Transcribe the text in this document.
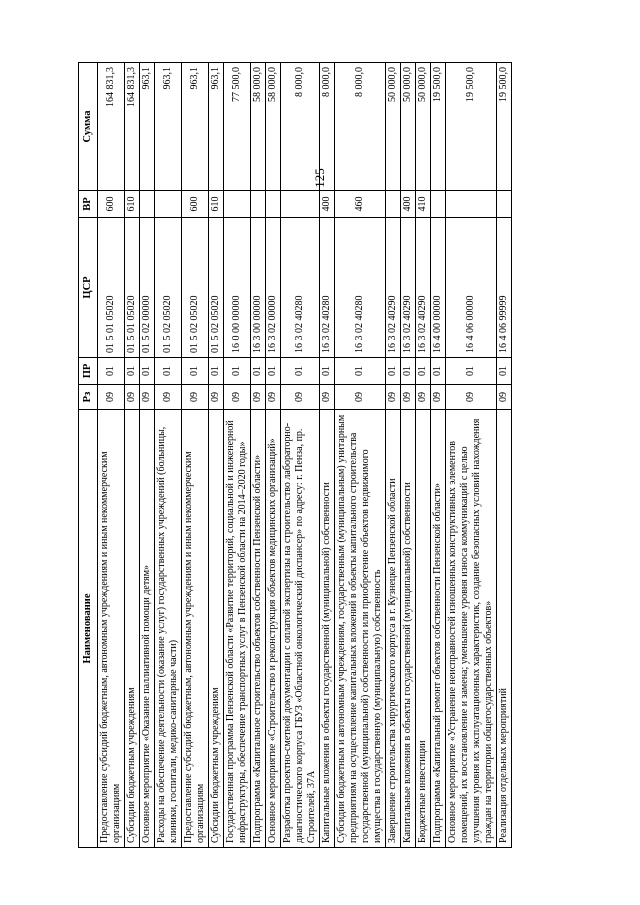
125
Наименование	Рз	ПР	ЦСР	ВР	Сумма
Предоставление субсидий бюджетным, автономным учреждениям и иным некоммерческим организациям	09	01	01 5 01 05020	600	164 831,3
Субсидии бюджетным учреждениям	09	01	01 5 01 05020	610	164 831,3
Основное мероприятие «Оказание паллиативной помощи детям»	09	01	01 5 02 00000		963,1
Расходы на обеспечение деятельности (оказание услуг) государственных учреждений (больницы, клиники, госпитали, медико-санитарные части)	09	01	01 5 02 05020		963,1
Предоставление субсидий бюджетным, автономным учреждениям и иным некоммерческим организациям	09	01	01 5 02 05020	600	963,1
Субсидии бюджетным учреждениям	09	01	01 5 02 05020	610	963,1
Государственная программа Пензенской области «Развитие территорий, социальной и инженерной инфраструктуры, обеспечение транспортных услуг в Пензенской области на 2014–2020 годы»	09	01	16 0 00 00000		77 500,0
Подпрограмма «Капитальное строительство объектов собственности Пензенской области»	09	01	16 3 00 00000		58 000,0
Основное мероприятие «Строительство и реконструкция объектов медицинских организаций»	09	01	16 3 02 00000		58 000,0
Разработка проектно-сметной документации с оплатой экспертизы на строительство лабораторно-диагностического корпуса ГБУЗ «Областной онкологический диспансер» по адресу: г. Пенза, пр. Строителей, 37А	09	01	16 3 02 40280		8 000,0
Капитальные вложения в объекты государственной (муниципальной) собственности	09	01	16 3 02 40280	400	8 000,0
Субсидии бюджетным и автономным учреждениям, государственным (муниципальным) унитарным предприятиям на осуществление капитальных вложений в объекты капитального строительства государственной (муниципальной) собственности или приобретение объектов недвижимого имущества в государственную (муниципальную) собственность	09	01	16 3 02 40280	460	8 000,0
Завершение строительства хирургического корпуса в г. Кузнецке Пензенской области	09	01	16 3 02 40290		50 000,0
Капитальные вложения в объекты государственной (муниципальной) собственности	09	01	16 3 02 40290	400	50 000,0
Бюджетные инвестиции	09	01	16 3 02 40290	410	50 000,0
Подпрограмма «Капитальный ремонт объектов собственности Пензенской области»	09	01	16 4 00 00000		19 500,0
Основное мероприятие «Устранение неисправностей изношенных конструктивных элементов помещений, их восстановление и замена; уменьшение уровня износа коммуникаций с целью улучшения уровня их эксплуатационных характеристик, создание безопасных условий нахождения граждан на территории общегосударственных объектов»	09	01	16 4 06 00000		19 500,0
Реализация отдельных мероприятий	09	01	16 4 06 99999		19 500,0
